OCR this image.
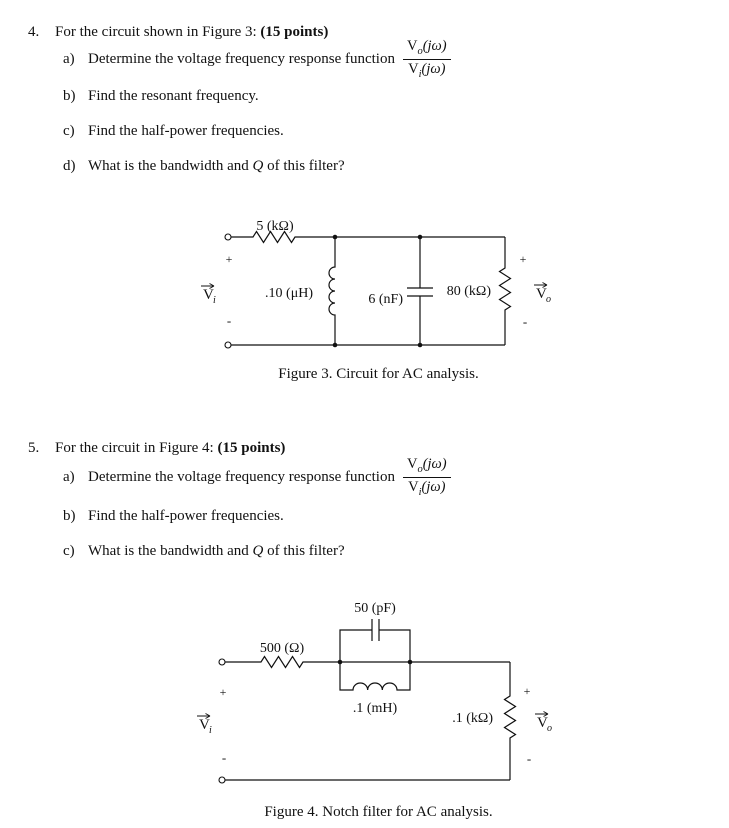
4. For the circuit shown in Figure 3: (15 points)
a) Determine the voltage frequency response function $\frac{V_o(j\omega)}{V_i(j\omega)}$
b) Find the resonant frequency.
c) Find the half-power frequencies.
d) What is the bandwidth and Q of this filter?
5 (kΩ)
.10 (μH)	6 (nF)
80 (kΩ)
V i
+
-
V o
+
-
Figure 3. Circuit for AC analysis.
5. For the circuit in Figure 4: (15 points)
a) Determine the voltage frequency response function $\frac{V_o(j\omega)}{V_i(j\omega)}$
b) Find the half-power frequencies.
c) What is the bandwidth and Q of this filter?
50 (pF)
500 (Ω)
.1 (mH)
.1 (kΩ)
V i
+
-
V o
+
-
Figure 4. Notch filter for AC analysis.
